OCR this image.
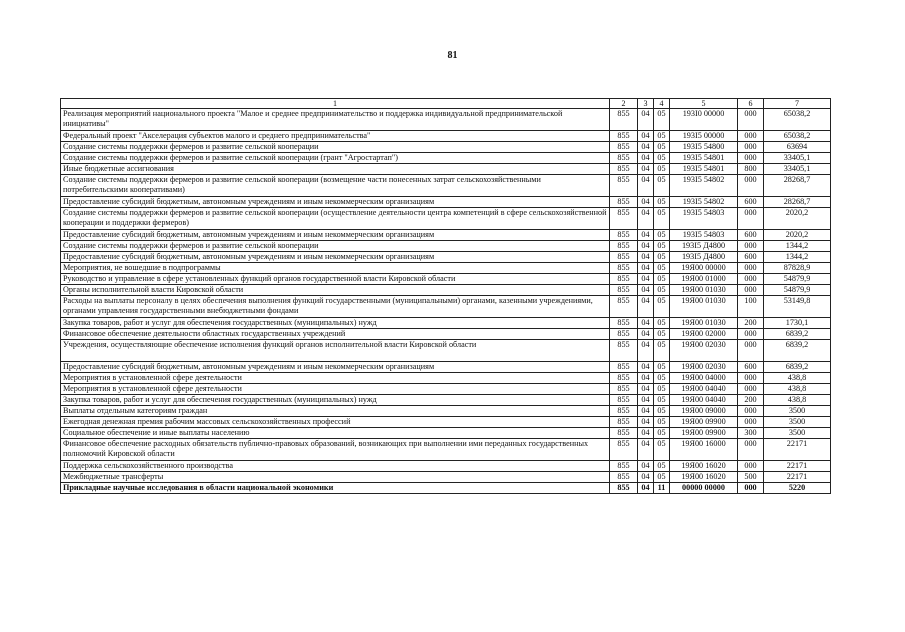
81
1	2	3	4	5	6	7
Реализация мероприятий национального проекта "Малое и среднее предпринимательство и поддержка индивидуальной предпринимательской инициативы"	855	04	05	193I0 00000	000	65038,2
Федеральный проект "Акселерация субъектов малого и среднего предпринимательства"	855	04	05	193I5 00000	000	65038,2
Создание системы поддержки фермеров и развитие сельской кооперации	855	04	05	193I5 54800	000	63694
Создание системы поддержки фермеров и развитие сельской кооперации (грант "Агростартап")	855	04	05	193I5 54801	000	33405,1
Иные бюджетные ассигнования	855	04	05	193I5 54801	800	33405,1
Создание системы поддержки фермеров и развитие сельской кооперации (возмещение части понесенных затрат сельскохозяйственными потребительскими кооперативами)	855	04	05	193I5 54802	000	28268,7
Предоставление субсидий бюджетным, автономным учреждениям и иным некоммерческим организациям	855	04	05	193I5 54802	600	28268,7
Создание системы поддержки фермеров и развитие сельской кооперации (осуществление деятельности центра компетенций в сфере сельскохозяйственной кооперации и поддержки фермеров)	855	04	05	193I5 54803	000	2020,2
Предоставление субсидий бюджетным, автономным учреждениям и иным некоммерческим организациям	855	04	05	193I5 54803	600	2020,2
Создание системы поддержки фермеров и развитие сельской кооперации	855	04	05	193I5 Д4800	000	1344,2
Предоставление субсидий бюджетным, автономным учреждениям и иным некоммерческим организациям	855	04	05	193I5 Д4800	600	1344,2
Мероприятия, не вошедшие в подпрограммы	855	04	05	19Я00 00000	000	87828,9
Руководство и управление в сфере установленных функций органов государственной власти Кировской области	855	04	05	19Я00 01000	000	54879,9
Органы исполнительной власти Кировской области	855	04	05	19Я00 01030	000	54879,9
Расходы на выплаты персоналу в целях обеспечения выполнения функций государственными (муниципальными) органами, казенными учреждениями, органами управления государственными внебюджетными фондами	855	04	05	19Я00 01030	100	53149,8
Закупка товаров, работ и услуг для обеспечения государственных (муниципальных) нужд	855	04	05	19Я00 01030	200	1730,1
Финансовое обеспечение деятельности областных государственных учреждений	855	04	05	19Я00 02000	000	6839,2
Учреждения, осуществляющие обеспечение исполнения функций органов исполнительной власти Кировской области	855	04	05	19Я00 02030	000	6839,2
Предоставление субсидий бюджетным, автономным учреждениям и иным некоммерческим организациям	855	04	05	19Я00 02030	600	6839,2
Мероприятия в установленной сфере деятельности	855	04	05	19Я00 04000	000	438,8
Мероприятия в установленной сфере деятельности	855	04	05	19Я00 04040	000	438,8
Закупка товаров, работ и услуг для обеспечения государственных (муниципальных) нужд	855	04	05	19Я00 04040	200	438,8
Выплаты отдельным категориям граждан	855	04	05	19Я00 09000	000	3500
Ежегодная денежная премия рабочим массовых сельскохозяйственных профессий	855	04	05	19Я00 09900	000	3500
Социальное обеспечение и иные выплаты населению	855	04	05	19Я00 09900	300	3500
Финансовое обеспечение расходных обязательств публично-правовых образований, возникающих при выполнении ими переданных государственных полномочий Кировской области	855	04	05	19Я00 16000	000	22171
Поддержка сельскохозяйственного производства	855	04	05	19Я00 16020	000	22171
Межбюджетные трансферты	855	04	05	19Я00 16020	500	22171
Прикладные научные исследования в области национальной экономики	855	04	11	00000 00000	000	5220
